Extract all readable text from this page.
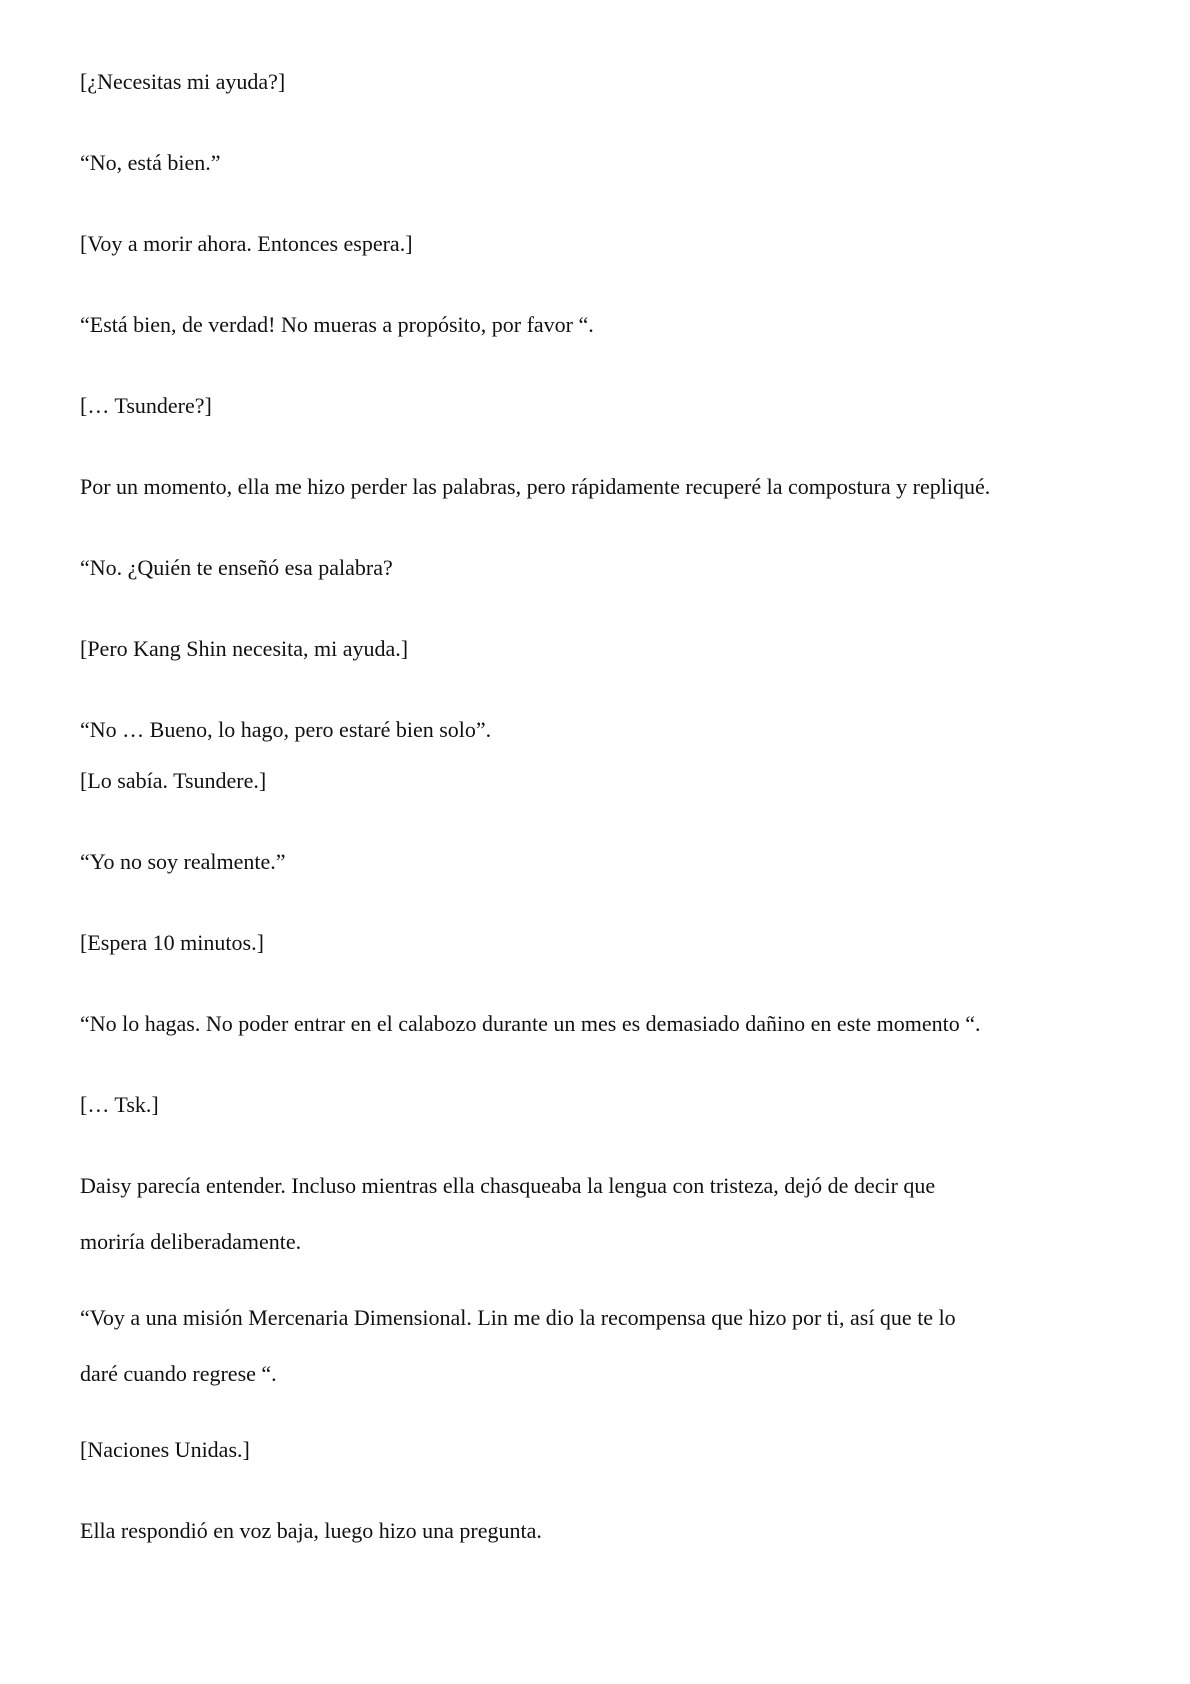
[¿Necesitas mi ayuda?]

“No, está bien.”

[Voy a morir ahora. Entonces espera.]

“Está bien, de verdad! No mueras a propósito, por favor “.

[… Tsundere?]

Por un momento, ella me hizo perder las palabras, pero rápidamente recuperé la compostura y repliqué.

“No. ¿Quién te enseñó esa palabra?

[Pero Kang Shin necesita, mi ayuda.]

“No … Bueno, lo hago, pero estaré bien solo”.

[Lo sabía. Tsundere.]

“Yo no soy realmente.”

[Espera 10 minutos.]

“No lo hagas. No poder entrar en el calabozo durante un mes es demasiado dañino en este momento “.

[… Tsk.]

Daisy parecía entender. Incluso mientras ella chasqueaba la lengua con tristeza, dejó de decir que

moriría deliberadamente.

“Voy a una misión Mercenaria Dimensional. Lin me dio la recompensa que hizo por ti, así que te lo

daré cuando regrese “.

[Naciones Unidas.]

Ella respondió en voz baja, luego hizo una pregunta.
